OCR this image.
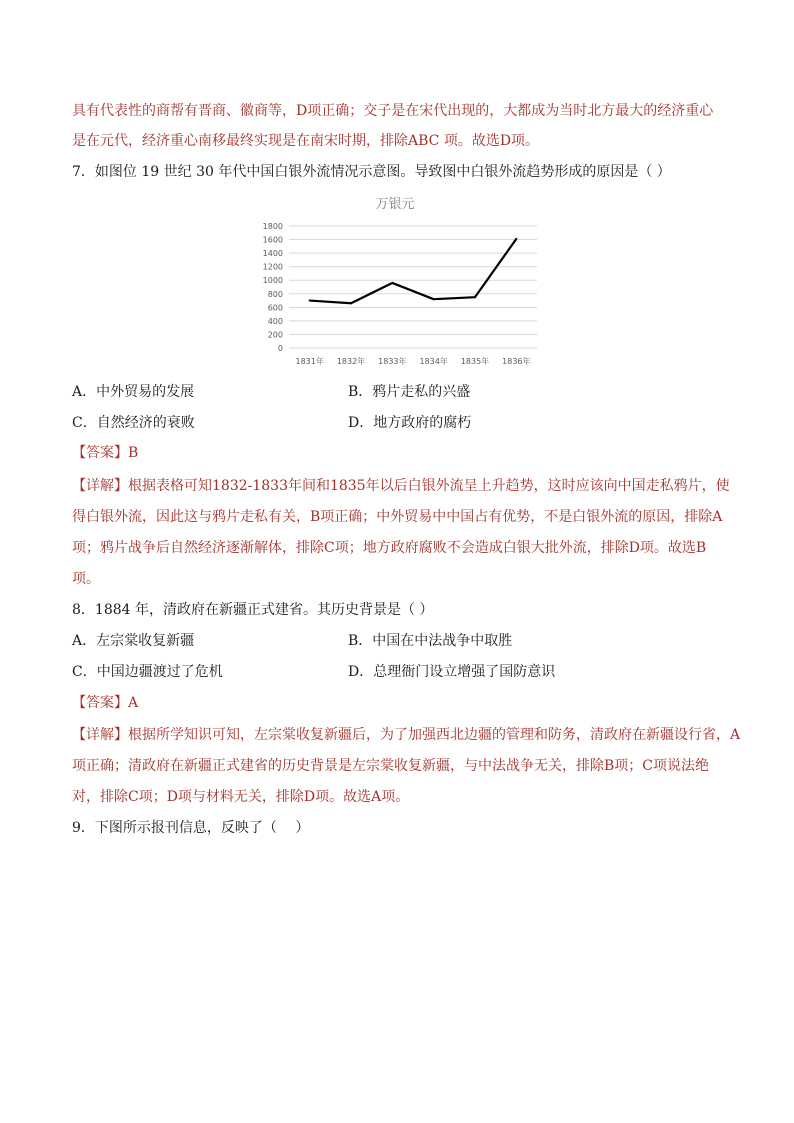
具有代表性的商帮有晋商、徽商等，D项正确；交子是在宋代出现的，大都成为当时北方最大的经济重心
是在元代，经济重心南移最终实现是在南宋时期，排除ABC 项。故选D项。
7．如图位 19 世纪 30 年代中国白银外流情况示意图。导致图中白银外流趋势形成的原因是（ ）
万银元
0
200
400
600
800
1000
1200
1400
1600
1800
1831年 1832年 1833年 1834年 1835年 1836年
A．中外贸易的发展	B．鸦片走私的兴盛
C．自然经济的衰败	D．地方政府的腐朽
【答案】B
【详解】根据表格可知1832-1833年间和1835年以后白银外流呈上升趋势，这时应该向中国走私鸦片，使
得白银外流，因此这与鸦片走私有关，B项正确；中外贸易中中国占有优势，不是白银外流的原因，排除A
项；鸦片战争后自然经济逐渐解体，排除C项；地方政府腐败不会造成白银大批外流，排除D项。故选B
项。
8．1884 年，清政府在新疆正式建省。其历史背景是（ ）
A．左宗棠收复新疆	B．中国在中法战争中取胜
C．中国边疆渡过了危机	D．总理衙门设立增强了国防意识
【答案】A
【详解】根据所学知识可知，左宗棠收复新疆后，为了加强西北边疆的管理和防务，清政府在新疆设行省，A
项正确；清政府在新疆正式建省的历史背景是左宗棠收复新疆，与中法战争无关，排除B项；C项说法绝
对，排除C项；D项与材料无关，排除D项。故选A项。
9．下图所示报刊信息，反映了（　 ）
